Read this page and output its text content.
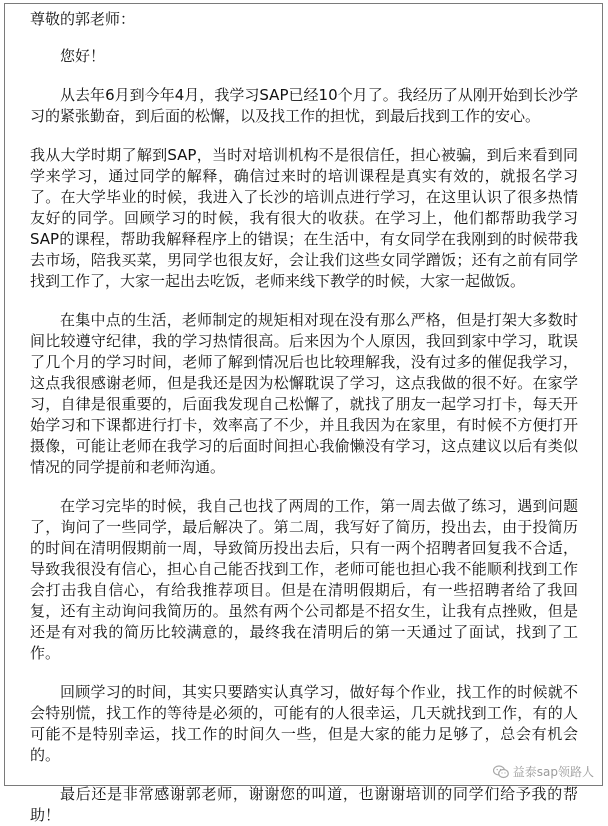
尊敬的郭老师：

您好！

从去年6月到今年4月，我学习SAP已经10个月了。我经历了从刚开始到长沙学习的紧张勤奋，到后面的松懈，以及找工作的担忧，到最后找到工作的安心。

我从大学时期了解到SAP，当时对培训机构不是很信任，担心被骗，到后来看到同学来学习，通过同学的解释，确信过来时的培训课程是真实有效的，就报名学习了。在大学毕业的时候，我进入了长沙的培训点进行学习，在这里认识了很多热情友好的同学。回顾学习的时候，我有很大的收获。在学习上，他们都帮助我学习SAP的课程，帮助我解释程序上的错误；在生活中，有女同学在我刚到的时候带我去市场，陪我买菜，男同学也很友好，会让我们这些女同学蹭饭；还有之前有同学找到工作了，大家一起出去吃饭，老师来线下教学的时候，大家一起做饭。

在集中点的生活，老师制定的规矩相对现在没有那么严格，但是打架大多数时间比较遵守纪律，我的学习热情很高。后来因为个人原因，我回到家中学习，耽误了几个月的学习时间，老师了解到情况后也比较理解我，没有过多的催促我学习，这点我很感谢老师，但是我还是因为松懈耽误了学习，这点我做的很不好。在家学习，自律是很重要的，后面我发现自己松懈了，就找了朋友一起学习打卡，每天开始学习和下课都进行打卡，效率高了不少，并且我因为在家里，有时候不方便打开摄像，可能让老师在我学习的后面时间担心我偷懒没有学习，这点建议以后有类似情况的同学提前和老师沟通。

在学习完毕的时候，我自己也找了两周的工作，第一周去做了练习，遇到问题了，询问了一些同学，最后解决了。第二周，我写好了简历，投出去，由于投简历的时间在清明假期前一周，导致简历投出去后，只有一两个招聘者回复我不合适，导致我很没有信心，担心自己能否找到工作，老师可能也担心我不能顺利找到工作会打击我自信心，有给我推荐项目。但是在清明假期后，有一些招聘者给了我回复，还有主动询问我简历的。虽然有两个公司都是不招女生，让我有点挫败，但是还是有对我的简历比较满意的，最终我在清明后的第一天通过了面试，找到了工作。

回顾学习的时间，其实只要踏实认真学习，做好每个作业，找工作的时候就不会特别慌，找工作的等待是必须的，可能有的人很幸运，几天就找到工作，有的人可能不是特别幸运，找工作的时间久一些，但是大家的能力足够了，总会有机会的。

最后还是非常感谢郭老师，谢谢您的叫道，也谢谢培训的同学们给予我的帮助！

益泰sap领路人
